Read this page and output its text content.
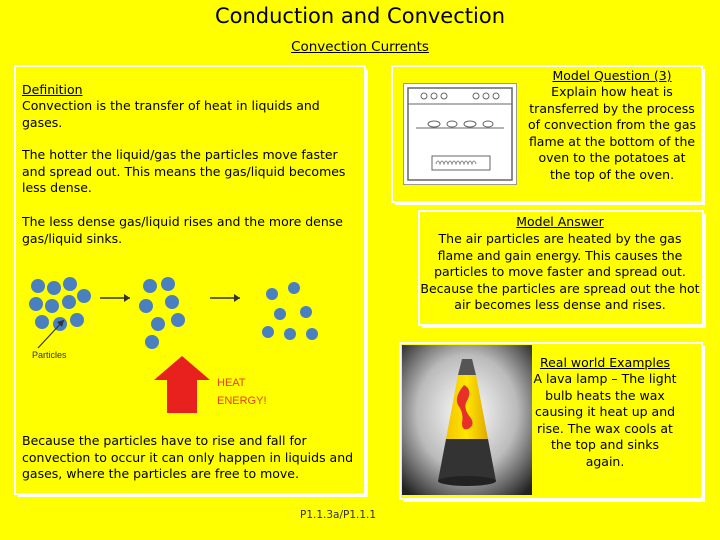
Conduction and Convection
Convection Currents
Definition
Convection is the transfer of heat in liquids and gases.
The hotter the liquid/gas the particles move faster and spread out. This means the gas/liquid becomes less dense.
The less dense gas/liquid rises and the more dense gas/liquid sinks.
Particles
HEAT
ENERGY!
Because the particles have to rise and fall for convection to occur it can only happen in liquids and gases, where the particles are free to move.
P1.1.3a/P1.1.1
Model Question (3)
Explain how heat is transferred by the process of convection from the gas flame at the bottom of the oven to the potatoes at the top of the oven.
Model Answer
The air particles are heated by the gas flame and gain energy. This causes the particles to move faster and spread out. Because the particles are spread out the hot air becomes less dense and rises.
Real world Examples
A lava lamp – The light bulb heats the wax causing it heat up and rise. The wax cools at the top and sinks again.
